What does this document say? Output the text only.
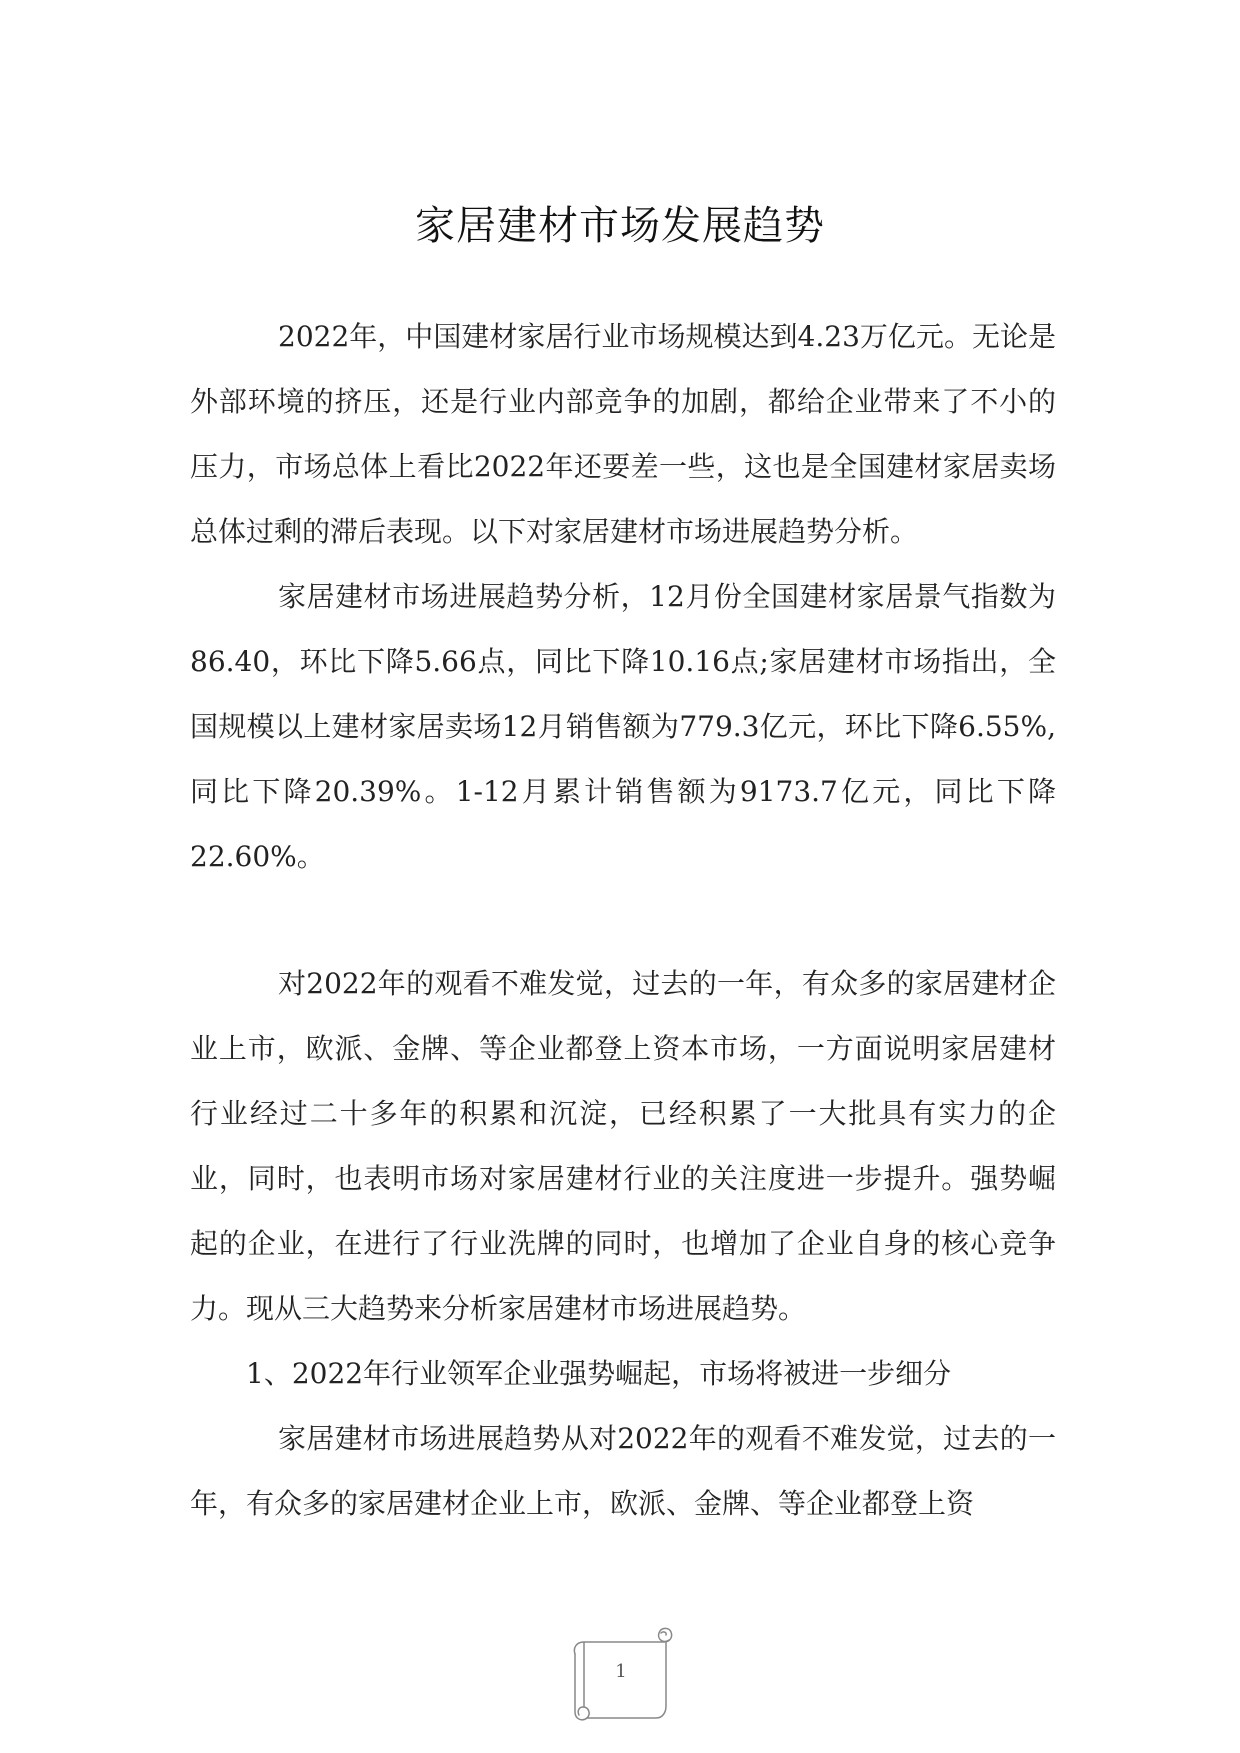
家居建材市场发展趋势

2022年，中国建材家居行业市场规模达到4.23万亿元。无论是外部环境的挤压，还是行业内部竞争的加剧，都给企业带来了不小的压力，市场总体上看比2022年还要差一些，这也是全国建材家居卖场总体过剩的滞后表现。以下对家居建材市场进展趋势分析。

家居建材市场进展趋势分析，12月份全国建材家居景气指数为86.40，环比下降5.66点，同比下降10.16点;家居建材市场指出，全国规模以上建材家居卖场12月销售额为779.3亿元，环比下降6.55%,同比下降20.39%。1-12月累计销售额为9173.7亿元，同比下降22.60%。

对2022年的观看不难发觉，过去的一年，有众多的家居建材企业上市，欧派、金牌、等企业都登上资本市场，一方面说明家居建材行业经过二十多年的积累和沉淀，已经积累了一大批具有实力的企业，同时，也表明市场对家居建材行业的关注度进一步提升。强势崛起的企业，在进行了行业洗牌的同时，也增加了企业自身的核心竞争力。现从三大趋势来分析家居建材市场进展趋势。

1、2022年行业领军企业强势崛起，市场将被进一步细分

家居建材市场进展趋势从对2022年的观看不难发觉，过去的一年，有众多的家居建材企业上市，欧派、金牌、等企业都登上资

1
